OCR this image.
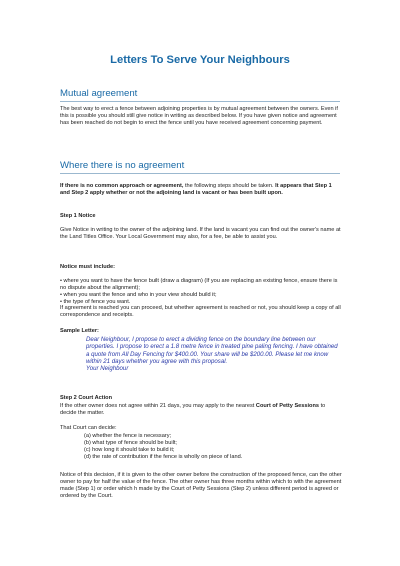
Letters To Serve Your Neighbours
Mutual agreement

The best way to erect a fence between adjoining properties is by mutual agreement between the owners. Even if this is possible you should still give notice in writing as described below. If you have given notice and agreement has been reached do not begin to erect the fence until you have received agreement concerning payment.

Where there is no agreement

If there is no common approach or agreement, the following steps should be taken. It appears that Step 1 and Step 2 apply whether or not the adjoining land is vacant or has been built upon.

Step 1 Notice

Give Notice in writing to the owner of the adjoining land. If the land is vacant you can find out the owner's name at the Land Titles Office. Your Local Government may also, for a fee, be able to assist you.

Notice must include:

• where you want to have the fence built (draw a diagram) (If you are replacing an existing fence, ensure there is no dispute about the alignment);
• when you want the fence and who in your view should build it;
• the type of fence you want.

If agreement is reached you can proceed, but whether agreement is reached or not, you should keep a copy of all correspondence and receipts.

Sample Letter:

Dear Neighbour, I propose to erect a dividing fence on the boundary line between our properties. I propose to erect a 1.8 metre fence in treated pine paling fencing. I have obtained a quote from All Day Fencing for $400.00. Your share will be $200.00. Please let me know within 21 days whether you agree with this proposal.
Your Neighbour

Step 2 Court Action

If the other owner does not agree within 21 days, you may apply to the nearest Court of Petty Sessions to decide the matter.

That Court can decide:

(a) whether the fence is necessary;
(b) what type of fence should be built;
(c) how long it should take to build it;
(d) the rate of contribution if the fence is wholly on piece of land.

Notice of this decision, if it is given to the other owner before the construction of the proposed fence, can the other owner to pay for half the value of the fence. The other owner has three months within which to with the agreement made (Step 1) or order which h made by the Court of Petty Sessions (Step 2) unless different period is agreed or ordered by the Court.
